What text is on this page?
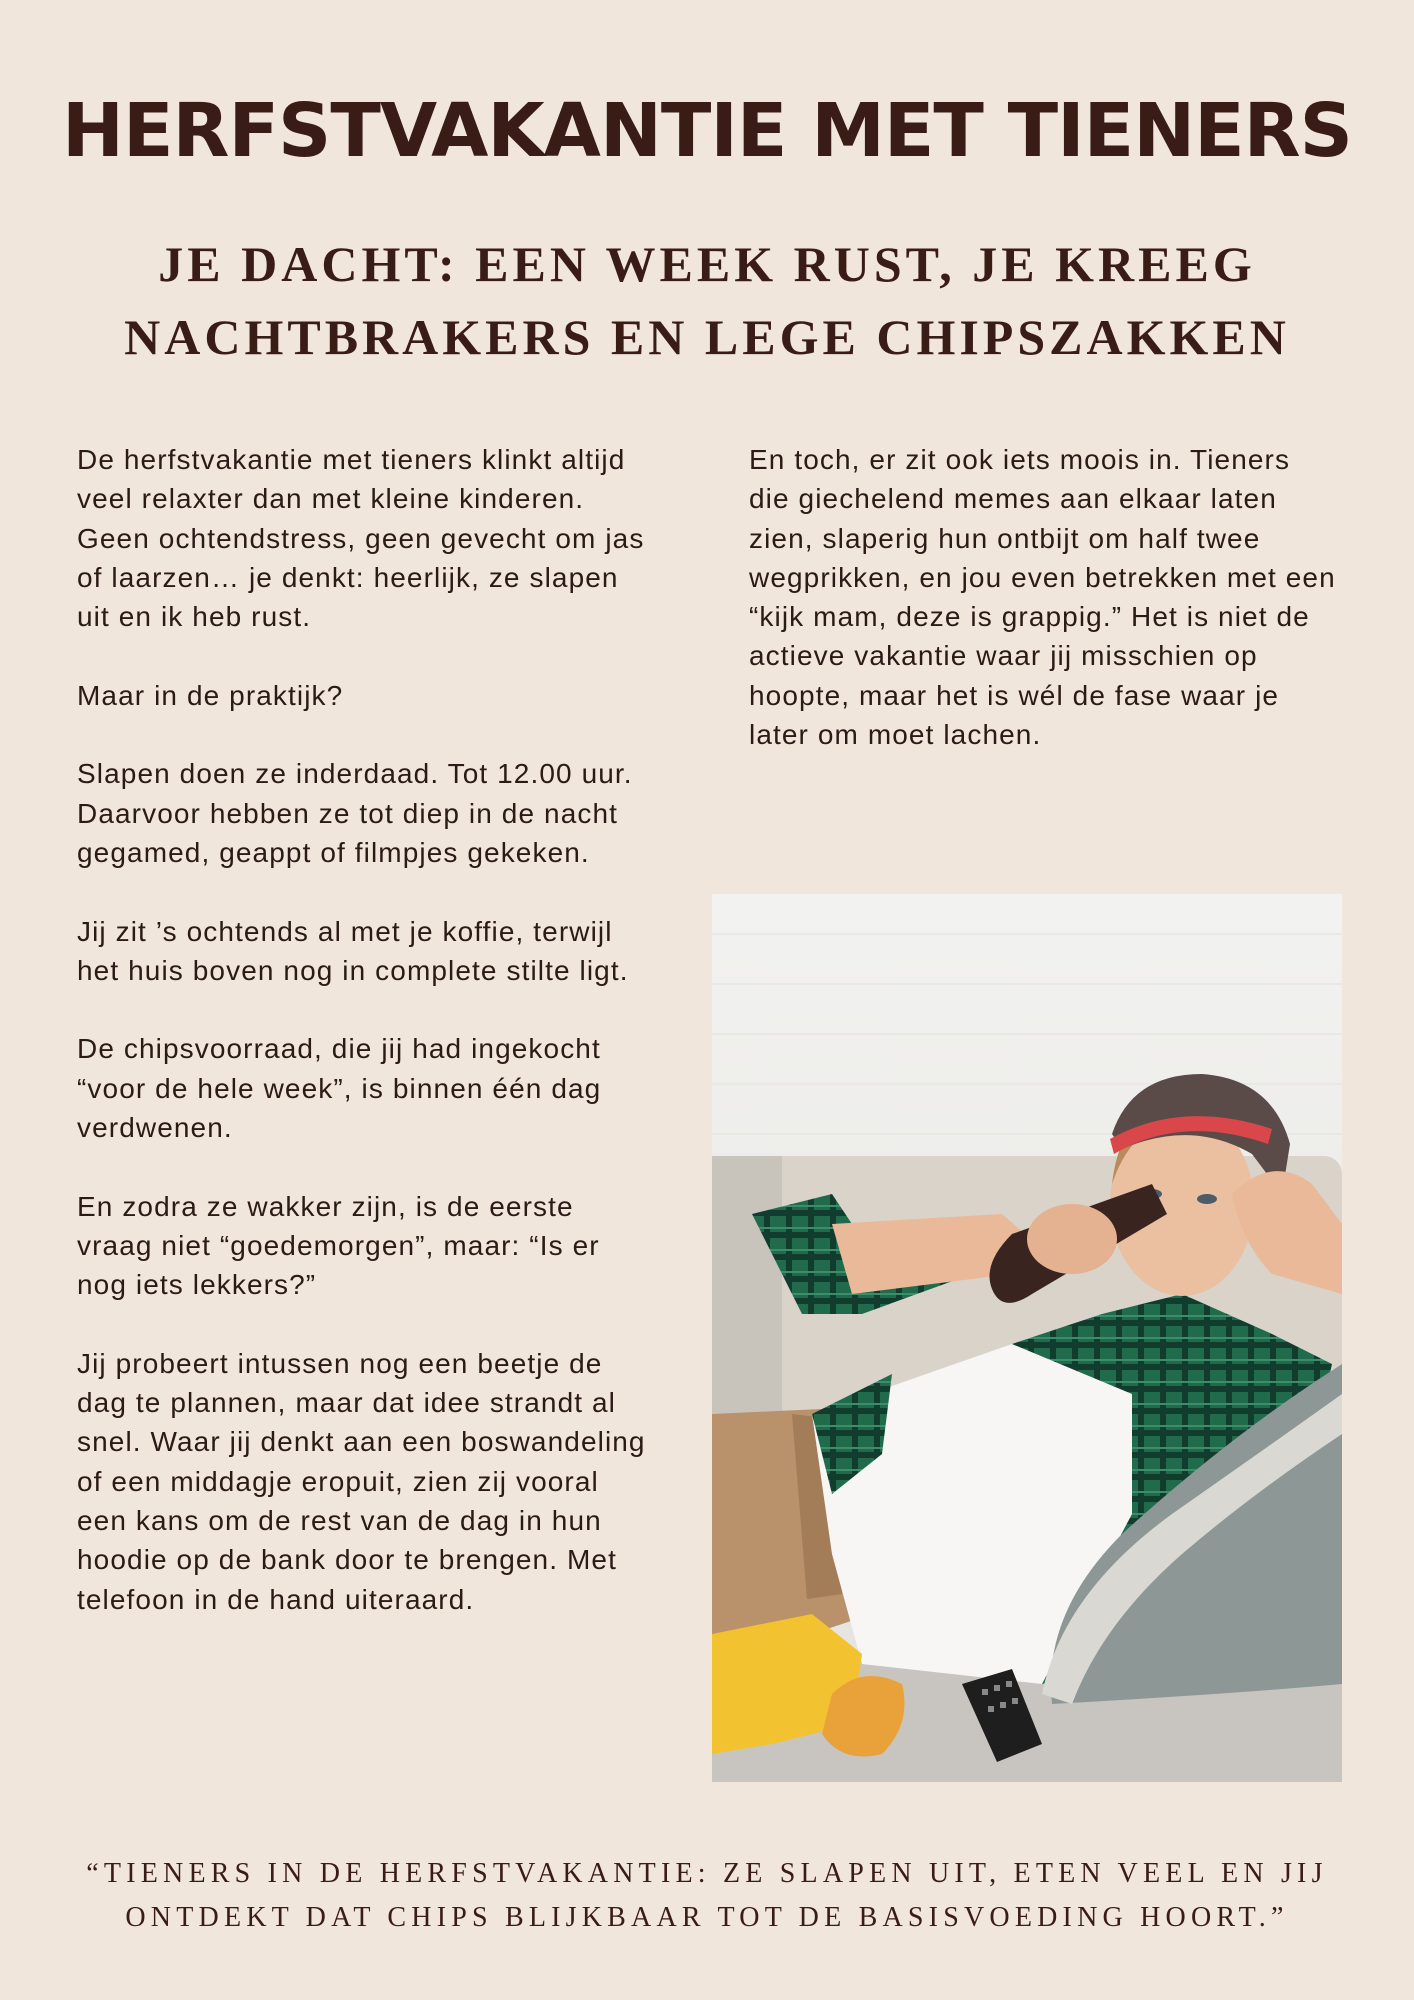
HERFSTVAKANTIE MET TIENERS
JE DACHT: EEN WEEK RUST, JE KREEG NACHTBRAKERS EN LEGE CHIPSZAKKEN

De herfstvakantie met tieners klinkt altijd veel relaxter dan met kleine kinderen. Geen ochtendstress, geen gevecht om jas of laarzen… je denkt: heerlijk, ze slapen uit en ik heb rust.

Maar in de praktijk?

Slapen doen ze inderdaad. Tot 12.00 uur. Daarvoor hebben ze tot diep in de nacht gegamed, geappt of filmpjes gekeken.

Jij zit ’s ochtends al met je koffie, terwijl het huis boven nog in complete stilte ligt.

De chipsvoorraad, die jij had ingekocht “voor de hele week”, is binnen één dag verdwenen.

En zodra ze wakker zijn, is de eerste vraag niet “goedemorgen”, maar: “Is er nog iets lekkers?”

Jij probeert intussen nog een beetje de dag te plannen, maar dat idee strandt al snel. Waar jij denkt aan een boswandeling of een middagje eropuit, zien zij vooral een kans om de rest van de dag in hun hoodie op de bank door te brengen. Met telefoon in de hand uiteraard.

En toch, er zit ook iets moois in. Tieners die giechelend memes aan elkaar laten zien, slaperig hun ontbijt om half twee wegprikken, en jou even betrekken met een “kijk mam, deze is grappig.” Het is niet de actieve vakantie waar jij misschien op hoopte, maar het is wél de fase waar je later om moet lachen.

“TIENERS IN DE HERFSTVAKANTIE: ZE SLAPEN UIT, ETEN VEEL EN JIJ ONTDEKT DAT CHIPS BLIJKBAAR TOT DE BASISVOEDING HOORT.”
